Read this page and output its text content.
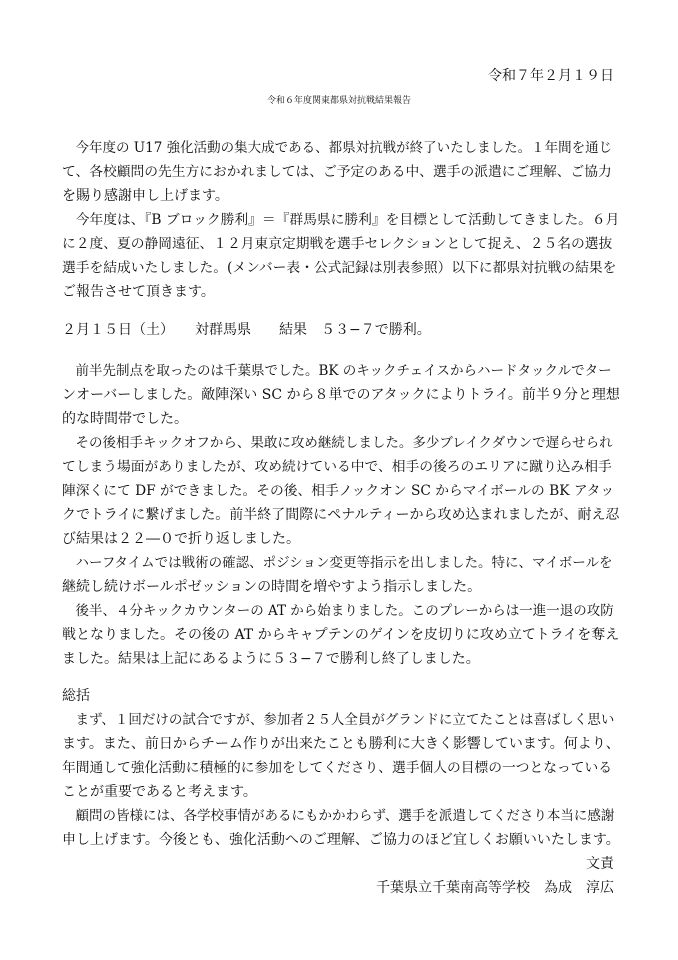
令和７年２月１９日
令和６年度関東都県対抗戦結果報告
　今年度の U17 強化活動の集大成である、都県対抗戦が終了いたしました。１年間を通じ
て、各校顧問の先生方におかれましては、ご予定のある中、選手の派遣にご理解、ご協力
を賜り感謝申し上げます。
　今年度は、『B ブロック勝利』＝『群馬県に勝利』を目標として活動してきました。６月
に２度、夏の静岡遠征、１２月東京定期戦を選手セレクションとして捉え、２５名の選抜
選手を結成いたしました。(メンバー表・公式記録は別表参照）以下に都県対抗戦の結果を
ご報告させて頂きます。
２月１５日（土）　　対群馬県　　結果　５３−７で勝利。
　前半先制点を取ったのは千葉県でした。BK のキックチェイスからハードタックルでター
ンオーバーしました。敵陣深い SC から８単でのアタックによりトライ。前半９分と理想
的な時間帯でした。
　その後相手キックオフから、果敢に攻め継続しました。多少ブレイクダウンで遅らせられ
てしまう場面がありましたが、攻め続けている中で、相手の後ろのエリアに蹴り込み相手
陣深くにて DF ができました。その後、相手ノックオン SC からマイボールの BK アタッ
クでトライに繋げました。前半終了間際にペナルティーから攻め込まれましたが、耐え忍
び結果は２２―０で折り返しました。
　ハーフタイムでは戦術の確認、ポジション変更等指示を出しました。特に、マイボールを
継続し続けボールポゼッションの時間を増やすよう指示しました。
　後半、４分キックカウンターの AT から始まりました。このプレーからは一進一退の攻防
戦となりました。その後の AT からキャプテンのゲインを皮切りに攻め立てトライを奪え
ました。結果は上記にあるように５３−７で勝利し終了しました。
総括
　まず、１回だけの試合ですが、参加者２５人全員がグランドに立てたことは喜ばしく思い
ます。また、前日からチーム作りが出来たことも勝利に大きく影響しています。何より、
年間通して強化活動に積極的に参加をしてくださり、選手個人の目標の一つとなっている
ことが重要であると考えます。
　顧問の皆様には、各学校事情があるにもかかわらず、選手を派遣してくださり本当に感謝
申し上げます。今後とも、強化活動へのご理解、ご協力のほど宜しくお願いいたします。
文責
千葉県立千葉南高等学校　為成　淳広
